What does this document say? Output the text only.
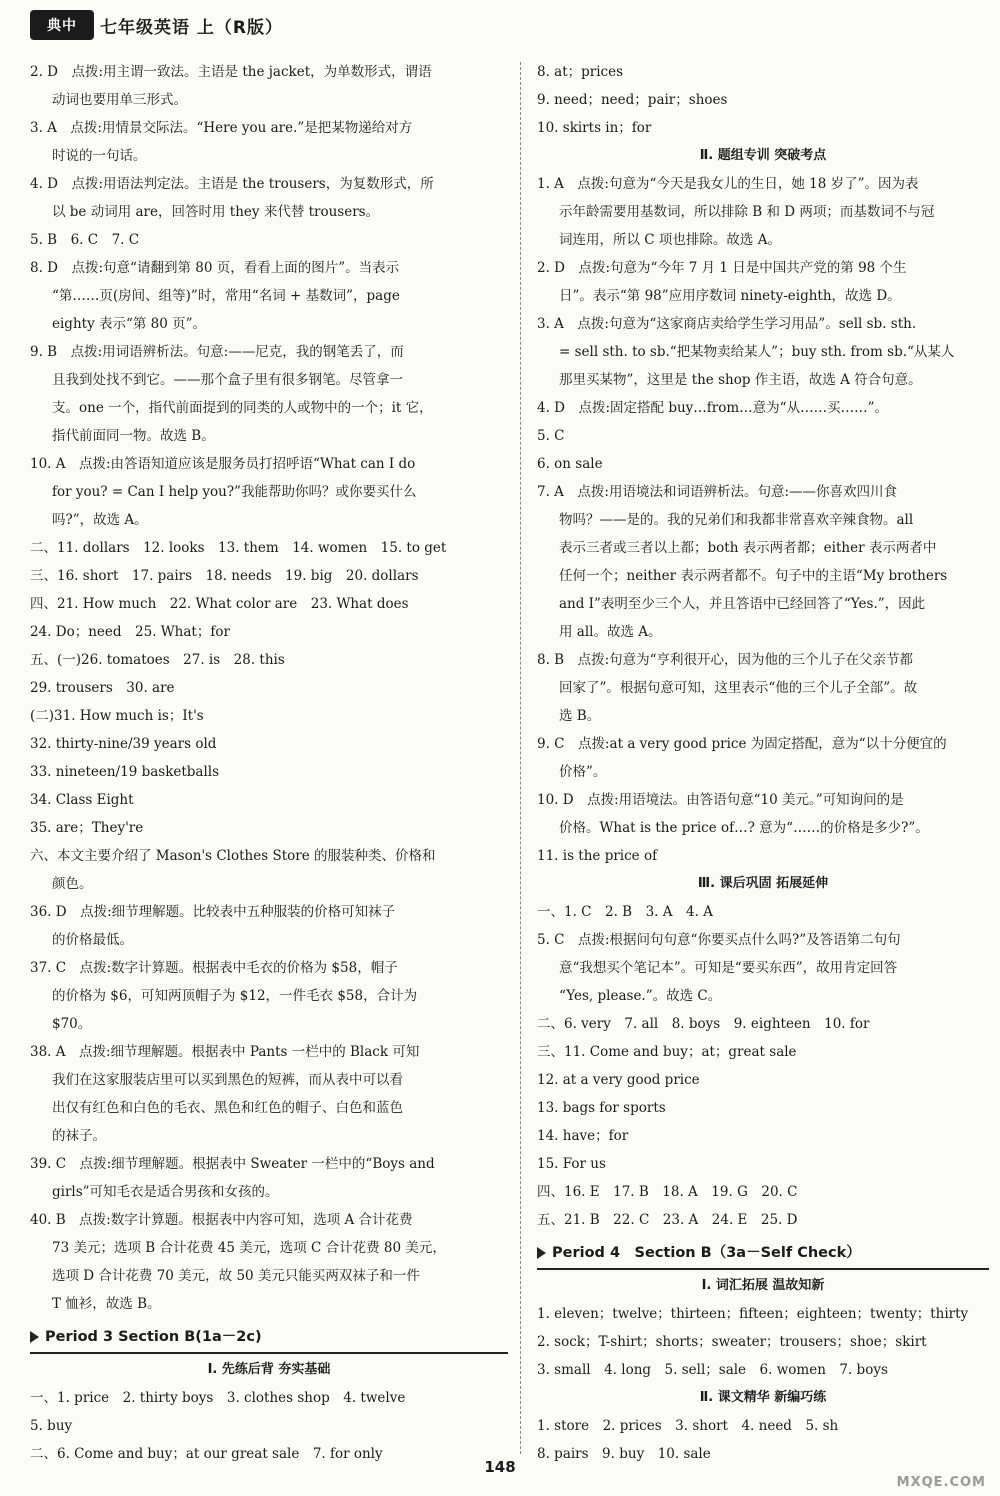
典中	七年级英语 上（R版）
2. D　点拨:用主谓一致法。主语是 the jacket，为单数形式，谓语
动词也要用单三形式。
3. A　点拨:用情景交际法。“Here you are.”是把某物递给对方
时说的一句话。
4. D　点拨:用语法判定法。主语是 the trousers，为复数形式，所
以 be 动词用 are，回答时用 they 来代替 trousers。
5. B　6. C　7. C
8. D　点拨:句意“请翻到第 80 页，看看上面的图片”。当表示
“第……页(房间、组等)”时，常用“名词 + 基数词”，page
eighty 表示“第 80 页”。
9. B　点拨:用词语辨析法。句意:——尼克，我的钢笔丢了，而
且我到处找不到它。——那个盒子里有很多钢笔。尽管拿一
支。one 一个，指代前面提到的同类的人或物中的一个；it 它，
指代前面同一物。故选 B。
10. A　点拨:由答语知道应该是服务员打招呼语“What can I do
for you? = Can I help you?”我能帮助你吗？或你要买什么
吗?”，故选 A。
二、11. dollars　12. looks　13. them　14. women　15. to get
三、16. short　17. pairs　18. needs　19. big　20. dollars
四、21. How much　22. What color are　23. What does
24. Do；need　25. What；for
五、(一)26. tomatoes　27. is　28. this
29. trousers　30. are
(二)31. How much is；It's
32. thirty-nine/39 years old
33. nineteen/19 basketballs
34. Class Eight
35. are；They're
六、本文主要介绍了 Mason's Clothes Store 的服装种类、价格和
颜色。
36. D　点拨:细节理解题。比较表中五种服装的价格可知袜子
的价格最低。
37. C　点拨:数字计算题。根据表中毛衣的价格为 $58，帽子
的价格为 $6，可知两顶帽子为 $12，一件毛衣 $58，合计为
$70。
38. A　点拨:细节理解题。根据表中 Pants 一栏中的 Black 可知
我们在这家服装店里可以买到黑色的短裤，而从表中可以看
出仅有红色和白色的毛衣、黑色和红色的帽子、白色和蓝色
的袜子。
39. C　点拨:细节理解题。根据表中 Sweater 一栏中的“Boys and
girls”可知毛衣是适合男孩和女孩的。
40. B　点拨:数字计算题。根据表中内容可知，选项 A 合计花费
73 美元；选项 B 合计花费 45 美元，选项 C 合计花费 80 美元，
选项 D 合计花费 70 美元，故 50 美元只能买两双袜子和一件
T 恤衫，故选 B。
Period 3 Section B(1a－2c)
Ⅰ. 先练后背 夯实基础
一、1. price　2. thirty boys　3. clothes shop　4. twelve
5. buy
二、6. Come and buy；at our great sale　7. for only
8. at；prices
9. need；need；pair；shoes
10. skirts in；for
Ⅱ. 题组专训 突破考点
1. A　点拨:句意为“今天是我女儿的生日，她 18 岁了”。因为表
示年龄需要用基数词，所以排除 B 和 D 两项；而基数词不与冠
词连用，所以 C 项也排除。故选 A。
2. D　点拨:句意为“今年 7 月 1 日是中国共产党的第 98 个生
日”。表示“第 98”应用序数词 ninety-eighth，故选 D。
3. A　点拨:句意为“这家商店卖给学生学习用品”。sell sb. sth.
= sell sth. to sb.“把某物卖给某人”；buy sth. from sb.“从某人
那里买某物”，这里是 the shop 作主语，故选 A 符合句意。
4. D　点拨:固定搭配 buy…from…意为“从……买……”。
5. C
6. on sale
7. A　点拨:用语境法和词语辨析法。句意:——你喜欢四川食
物吗？——是的。我的兄弟们和我都非常喜欢辛辣食物。all
表示三者或三者以上都；both 表示两者都；either 表示两者中
任何一个；neither 表示两者都不。句子中的主语“My brothers
and I”表明至少三个人，并且答语中已经回答了“Yes.”，因此
用 all。故选 A。
8. B　点拨:句意为“亨利很开心，因为他的三个儿子在父亲节都
回家了”。根据句意可知，这里表示“他的三个儿子全部”。故
选 B。
9. C　点拨:at a very good price 为固定搭配，意为“以十分便宜的
价格”。
10. D　点拨:用语境法。由答语句意“10 美元。”可知询问的是
价格。What is the price of…? 意为“……的价格是多少?”。
11. is the price of
Ⅲ. 课后巩固 拓展延伸
一、1. C　2. B　3. A　4. A
5. C　点拨:根据问句句意“你要买点什么吗?”及答语第二句句
意“我想买个笔记本”。可知是“要买东西”，故用肯定回答
“Yes, please.”。故选 C。
二、6. very　7. all　8. boys　9. eighteen　10. for
三、11. Come and buy；at；great sale
12. at a very good price
13. bags for sports
14. have；for
15. For us
四、16. E　17. B　18. A　19. G　20. C
五、21. B　22. C　23. A　24. E　25. D
Period 4　Section B（3a－Self Check）
Ⅰ. 词汇拓展 温故知新
1. eleven；twelve；thirteen；fifteen；eighteen；twenty；thirty
2. sock；T-shirt；shorts；sweater；trousers；shoe；skirt
3. small　4. long　5. sell；sale　6. women　7. boys
Ⅱ. 课文精华 新编巧练
1. store　2. prices　3. short　4. need　5. sh
8. pairs　9. buy　10. sale
148
MXQE.COM
